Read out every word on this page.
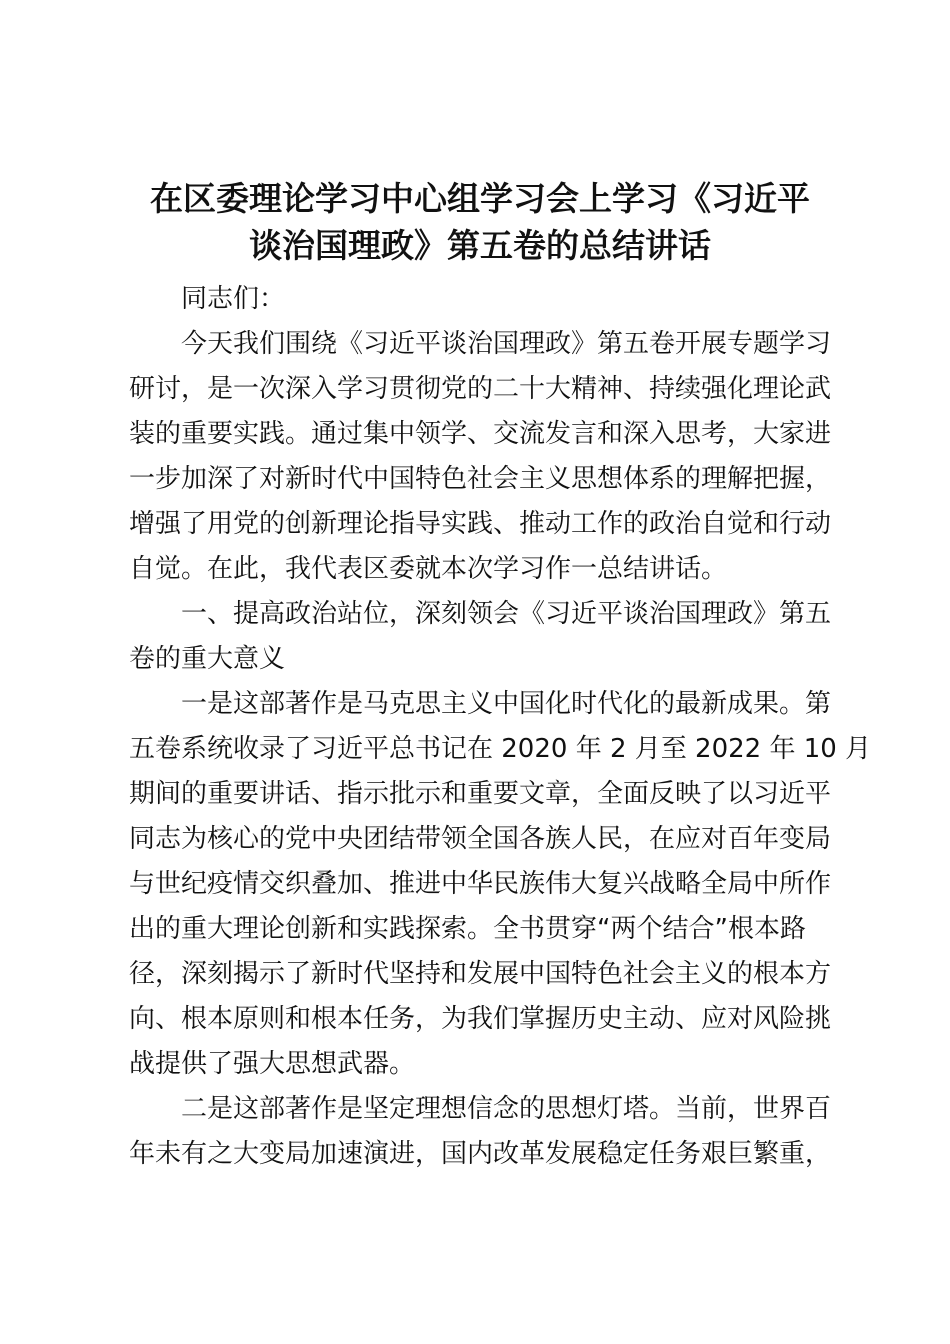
在区委理论学习中心组学习会上学习《习近平
谈治国理政》第五卷的总结讲话

同志们：

今天我们围绕《习近平谈治国理政》第五卷开展专题学习

研讨，是一次深入学习贯彻党的二十大精神、持续强化理论武

装的重要实践。通过集中领学、交流发言和深入思考，大家进

一步加深了对新时代中国特色社会主义思想体系的理解把握，

增强了用党的创新理论指导实践、推动工作的政治自觉和行动

自觉。在此，我代表区委就本次学习作一总结讲话。

一、提高政治站位，深刻领会《习近平谈治国理政》第五

卷的重大意义

一是这部著作是马克思主义中国化时代化的最新成果。第

五卷系统收录了习近平总书记在 2020 年 2 月至 2022 年 10 月

期间的重要讲话、指示批示和重要文章，全面反映了以习近平

同志为核心的党中央团结带领全国各族人民，在应对百年变局

与世纪疫情交织叠加、推进中华民族伟大复兴战略全局中所作

出的重大理论创新和实践探索。全书贯穿“两个结合”根本路

径，深刻揭示了新时代坚持和发展中国特色社会主义的根本方

向、根本原则和根本任务，为我们掌握历史主动、应对风险挑

战提供了强大思想武器。

二是这部著作是坚定理想信念的思想灯塔。当前，世界百

年未有之大变局加速演进，国内改革发展稳定任务艰巨繁重，
